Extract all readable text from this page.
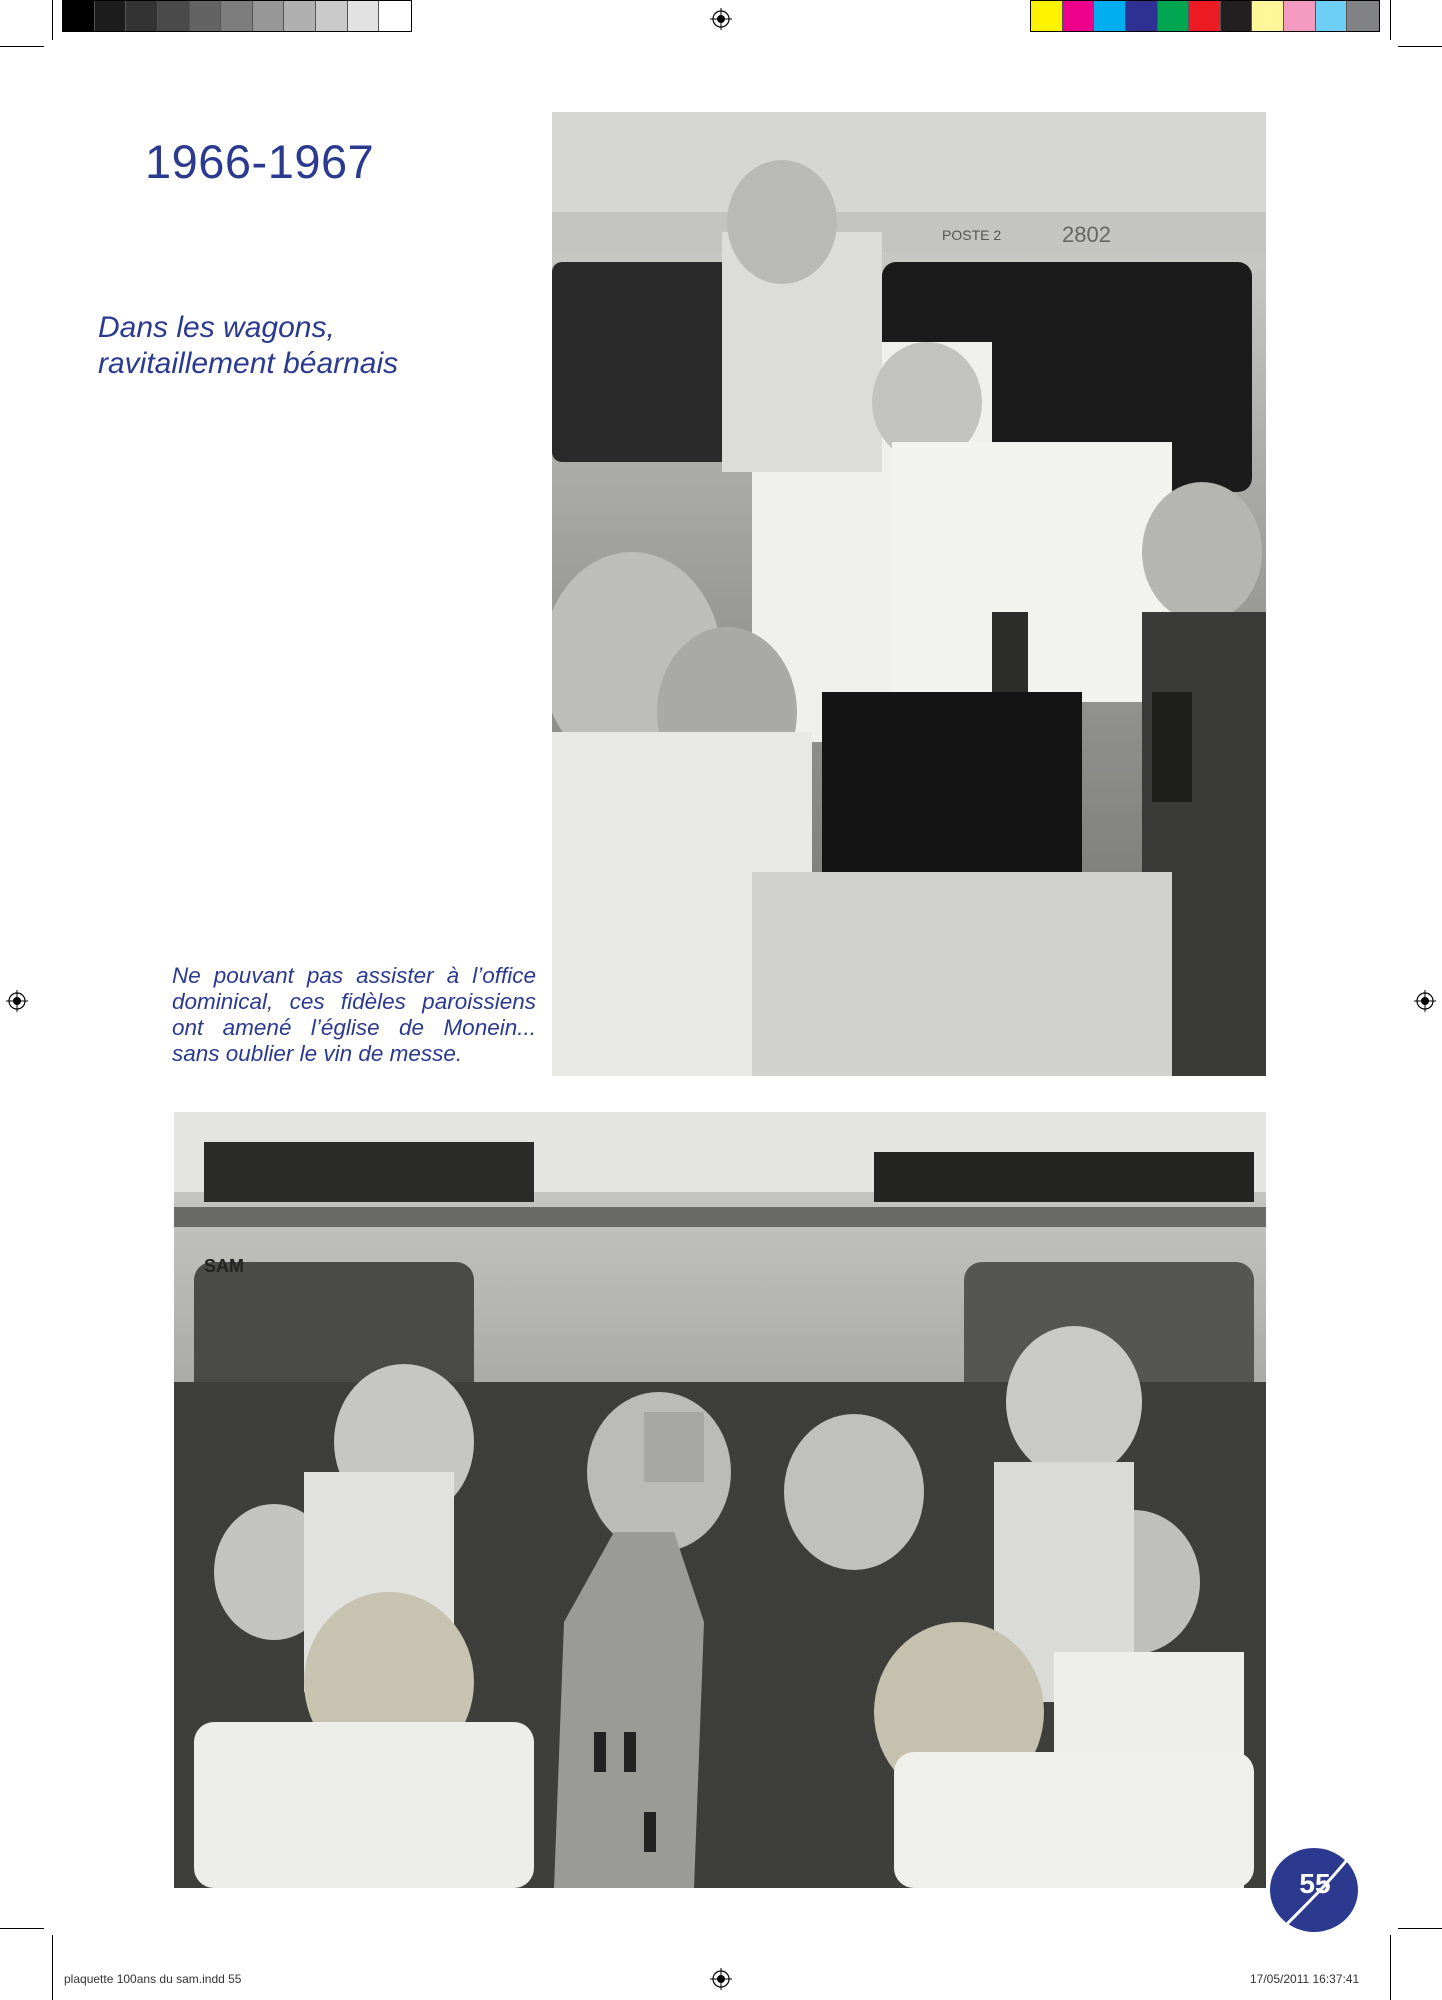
1966-1967
Dans les wagons,
ravitaillement béarnais
POSTE 2	2802
Ne pouvant pas assister à l’office dominical, ces fidèles paroissiens ont amené l’église de Monein... sans oublier le vin de messe.
SAM
55
plaquette 100ans du sam.indd 55	17/05/2011 16:37:41
